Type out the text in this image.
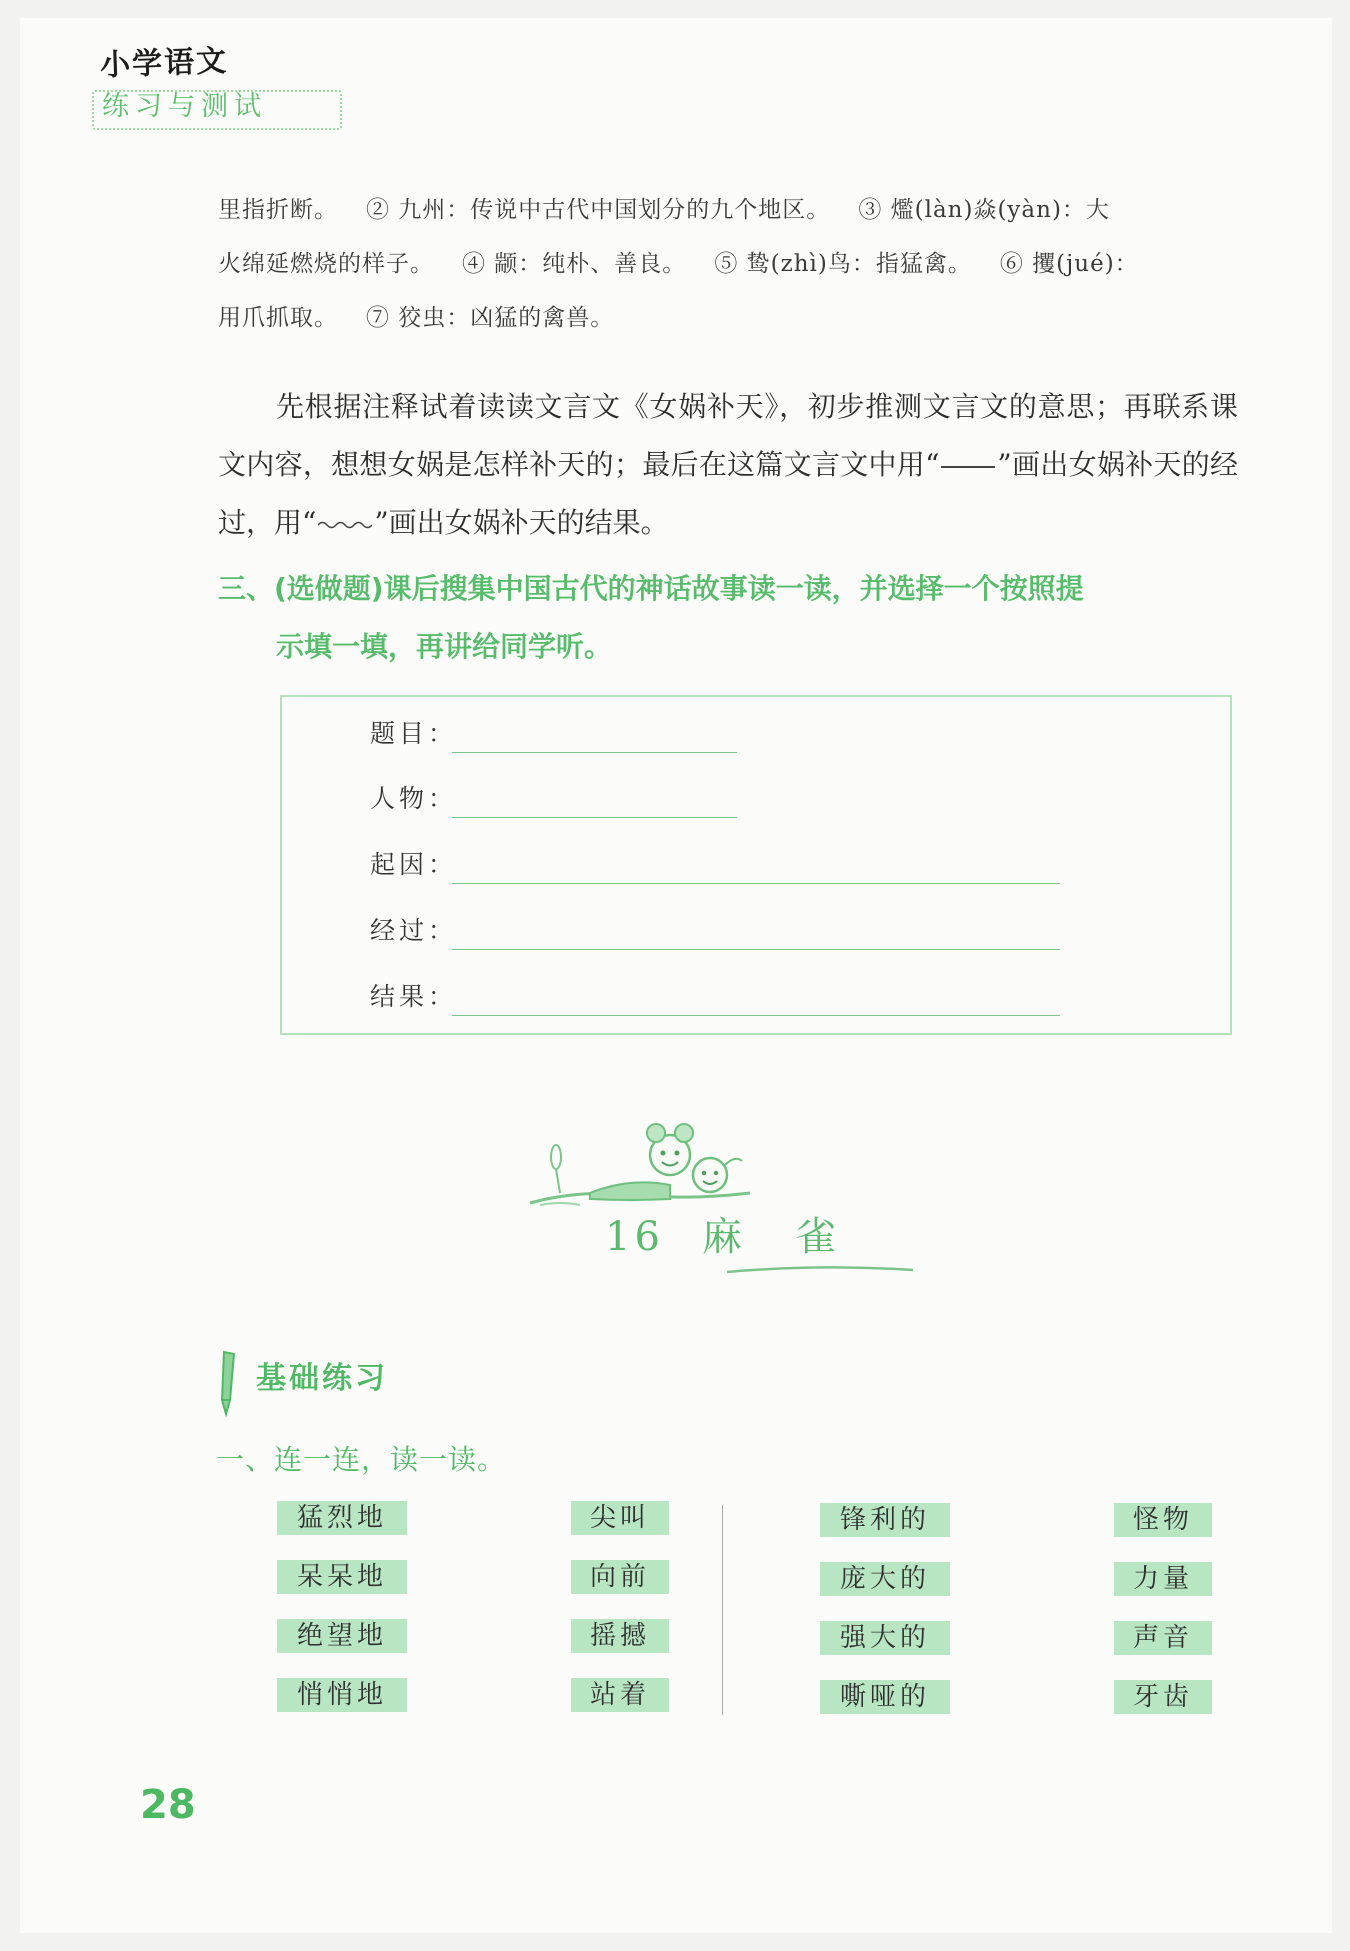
小学语文
练习与测试
里指折断。 ② 九州：传说中古代中国划分的九个地区。 ③ 爁(làn)焱(yàn)：大
火绵延燃烧的样子。 ④ 颛：纯朴、善良。 ⑤ 鸷(zhì)鸟：指猛禽。 ⑥ 攫(jué)：
用爪抓取。 ⑦ 狡虫：凶猛的禽兽。
先根据注释试着读读文言文《女娲补天》，初步推测文言文的意思；再联系课文内容，想想女娲是怎样补天的；最后在这篇文言文中用“ ”画出女娲补天的经过，用“ ”画出女娲补天的结果。
三、(选做题)课后搜集中国古代的神话故事读一读，并选择一个按照提
示填一填，再讲给同学听。
题目：
人物：
起因：
经过：
结果：
16 麻 雀
基础练习
一、连一连，读一读。
猛烈地
呆呆地
绝望地
悄悄地
尖叫
向前
摇撼
站着
锋利的
庞大的
强大的
嘶哑的
怪物
力量
声音
牙齿
28
